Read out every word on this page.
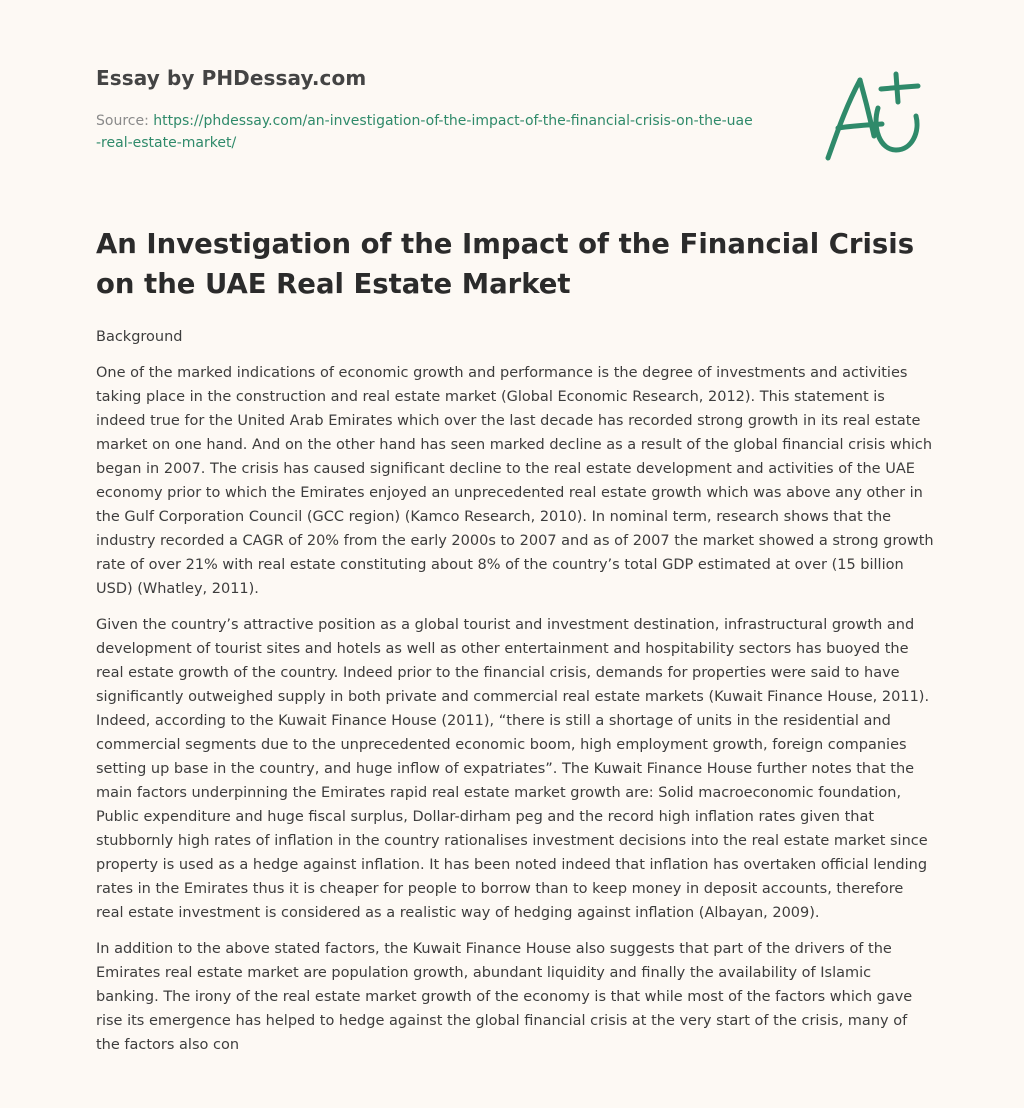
Essay by PHDessay.com
Source: https://phdessay.com/an-investigation-of-the-impact-of-the-financial-crisis-on-the-uae-real-estate-market/
An Investigation of the Impact of the Financial Crisis on the UAE Real Estate Market
Background

One of the marked indications of economic growth and performance is the degree of investments and activities taking place in the construction and real estate market (Global Economic Research, 2012). This statement is indeed true for the United Arab Emirates which over the last decade has recorded strong growth in its real estate market on one hand. And on the other hand has seen marked decline as a result of the global financial crisis which began in 2007. The crisis has caused significant decline to the real estate development and activities of the UAE economy prior to which the Emirates enjoyed an unprecedented real estate growth which was above any other in the Gulf Corporation Council (GCC region) (Kamco Research, 2010). In nominal term, research shows that the industry recorded a CAGR of 20% from the early 2000s to 2007 and as of 2007 the market showed a strong growth rate of over 21% with real estate constituting about 8% of the country’s total GDP estimated at over (15 billion USD) (Whatley, 2011).

Given the country’s attractive position as a global tourist and investment destination, infrastructural growth and development of tourist sites and hotels as well as other entertainment and hospitability sectors has buoyed the real estate growth of the country. Indeed prior to the financial crisis, demands for properties were said to have significantly outweighed supply in both private and commercial real estate markets (Kuwait Finance House, 2011). Indeed, according to the Kuwait Finance House (2011), “there is still a shortage of units in the residential and commercial segments due to the unprecedented economic boom, high employment growth, foreign companies setting up base in the country, and huge inflow of expatriates”. The Kuwait Finance House further notes that the main factors underpinning the Emirates rapid real estate market growth are: Solid macroeconomic foundation, Public expenditure and huge fiscal surplus, Dollar-dirham peg and the record high inflation rates given that stubbornly high rates of inflation in the country rationalises investment decisions into the real estate market since property is used as a hedge against inflation. It has been noted indeed that inflation has overtaken official lending rates in the Emirates thus it is cheaper for people to borrow than to keep money in deposit accounts, therefore real estate investment is considered as a realistic way of hedging against inflation (Albayan, 2009).

In addition to the above stated factors, the Kuwait Finance House also suggests that part of the drivers of the Emirates real estate market are population growth, abundant liquidity and finally the availability of Islamic banking. The irony of the real estate market growth of the economy is that while most of the factors which gave rise its emergence has helped to hedge against the global financial crisis at the very start of the crisis, many of the factors also con
